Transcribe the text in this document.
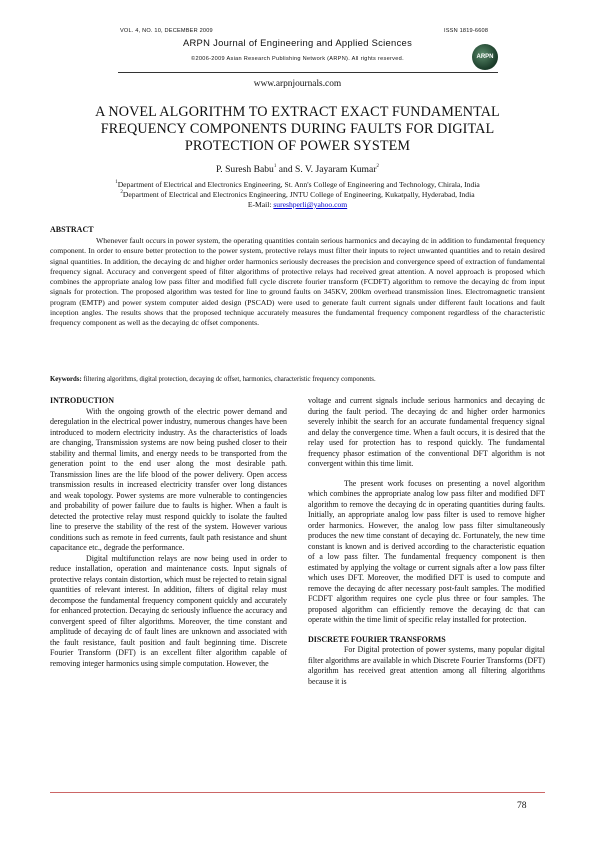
VOL. 4, NO. 10, DECEMBER 2009	ISSN 1819-6608
ARPN Journal of Engineering and Applied Sciences
©2006-2009 Asian Research Publishing Network (ARPN). All rights reserved.	ARPN
www.arpnjournals.com
A NOVEL ALGORITHM TO EXTRACT EXACT FUNDAMENTAL FREQUENCY COMPONENTS DURING FAULTS FOR DIGITAL PROTECTION OF POWER SYSTEM
P. Suresh Babu$^1$ and S. V. Jayaram Kumar$^2$
$^1$Department of Electrical and Electronics Engineering, St. Ann's College of Engineering and Technology, Chirala, India
$^2$Department of Electrical and Electronics Engineering, JNTU College of Engineering, Kukatpally, Hyderabad, India
E-Mail: sureshperli@yahoo.com
ABSTRACT
Whenever fault occurs in power system, the operating quantities contain serious harmonics and decaying dc in addition to fundamental frequency component. In order to ensure better protection to the power system, protective relays must filter their inputs to reject unwanted quantities and to retain desired signal quantities. In addition, the decaying dc and higher order harmonics seriously decreases the precision and convergence speed of extraction of fundamental frequency signal. Accuracy and convergent speed of filter algorithms of protective relays had received great attention. A novel approach is proposed which combines the appropriate analog low pass filter and modified full cycle discrete fourier transform (FCDFT) algorithm to remove the decaying dc from input signals for protection. The proposed algorithm was tested for line to ground faults on 345KV, 200km overhead transmission lines. Electromagnetic transient program (EMTP) and power system computer aided design (PSCAD) were used to generate fault current signals under different fault locations and fault inception angles. The results shows that the proposed technique accurately measures the fundamental frequency component regardless of the characteristic frequency component as well as the decaying dc offset components.
Keywords: filtering algorithms, digital protection, decaying dc offset, harmonics, characteristic frequency components.
INTRODUCTION

With the ongoing growth of the electric power demand and deregulation in the electrical power industry, numerous changes have been introduced to modern electricity industry. As the characteristics of loads are changing, Transmission systems are now being pushed closer to their stability and thermal limits, and energy needs to be transported from the generation point to the end user along the most desirable path. Transmission lines are the life blood of the power delivery. Open access transmission results in increased electricity transfer over long distances and weak topology. Power systems are more vulnerable to contingencies and probability of power failure due to faults is higher. When a fault is detected the protective relay must respond quickly to isolate the faulted line to preserve the stability of the rest of the system. However various conditions such as remote in feed currents, fault path resistance and shunt capacitance etc., degrade the performance.

Digital multifunction relays are now being used in order to reduce installation, operation and maintenance costs. Input signals of protective relays contain distortion, which must be rejected to retain signal quantities of relevant interest. In addition, filters of digital relay must decompose the fundamental frequency component quickly and accurately for enhanced protection. Decaying dc seriously influence the accuracy and convergent speed of filter algorithms. Moreover, the time constant and amplitude of decaying dc of fault lines are unknown and associated with the fault resistance, fault position and fault beginning time. Discrete Fourier Transform (DFT) is an excellent filter algorithm capable of removing integer harmonics using simple computation. However, the

voltage and current signals include serious harmonics and decaying dc during the fault period. The decaying dc and higher order harmonics severely inhibit the search for an accurate fundamental frequency signal and delay the convergence time. When a fault occurs, it is desired that the relay used for protection has to respond quickly. The fundamental frequency phasor estimation of the conventional DFT algorithm is not convergent within this time limit.

The present work focuses on presenting a novel algorithm which combines the appropriate analog low pass filter and modified DFT algorithm to remove the decaying dc in operating quantities during faults. Initially, an appropriate analog low pass filter is used to remove higher order harmonics. However, the analog low pass filter simultaneously produces the new time constant of decaying dc. Fortunately, the new time constant is known and is derived according to the characteristic equation of a low pass filter. The fundamental frequency component is then estimated by applying the voltage or current signals after a low pass filter which uses DFT. Moreover, the modified DFT is used to compute and remove the decaying dc after necessary post-fault samples. The modified FCDFT algorithm requires one cycle plus three or four samples. The proposed algorithm can efficiently remove the decaying dc that can operate within the time limit of specific relay installed for protection.

DISCRETE FOURIER TRANSFORMS

For Digital protection of power systems, many popular digital filter algorithms are available in which Discrete Fourier Transforms (DFT) algorithm has received great attention among all filtering algorithms because it is

78
